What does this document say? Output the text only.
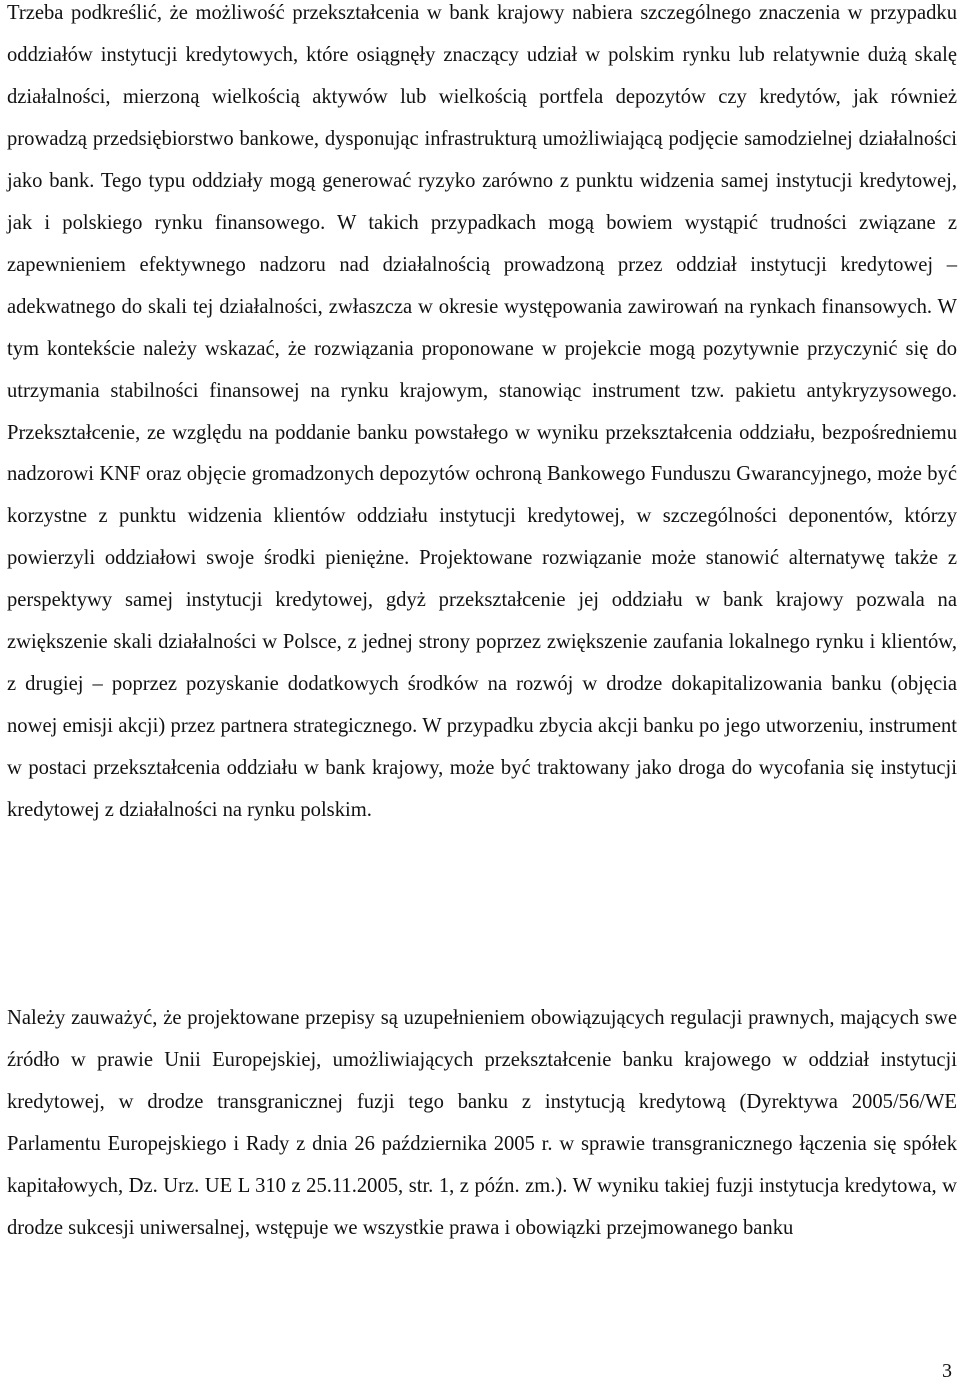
Trzeba podkreślić, że możliwość przekształcenia w bank krajowy nabiera szczególnego znaczenia w przypadku oddziałów instytucji kredytowych, które osiągnęły znaczący udział w polskim rynku lub relatywnie dużą skalę działalności, mierzoną wielkością aktywów lub wielkością portfela depozytów czy kredytów, jak również prowadzą przedsiębiorstwo bankowe, dysponując infrastrukturą umożliwiającą podjęcie samodzielnej działalności jako bank. Tego typu oddziały mogą generować ryzyko zarówno z punktu widzenia samej instytucji kredytowej, jak i polskiego rynku finansowego. W takich przypadkach mogą bowiem wystąpić trudności związane z zapewnieniem efektywnego nadzoru nad działalnością prowadzoną przez oddział instytucji kredytowej – adekwatnego do skali tej działalności, zwłaszcza w okresie występowania zawirowań na rynkach finansowych. W tym kontekście należy wskazać, że rozwiązania proponowane w projekcie mogą pozytywnie przyczynić się do utrzymania stabilności finansowej na rynku krajowym, stanowiąc instrument tzw. pakietu antykryzysowego. Przekształcenie, ze względu na poddanie banku powstałego w wyniku przekształcenia oddziału, bezpośredniemu nadzorowi KNF oraz objęcie gromadzonych depozytów ochroną Bankowego Funduszu Gwarancyjnego, może być korzystne z punktu widzenia klientów oddziału instytucji kredytowej, w szczególności deponentów, którzy powierzyli oddziałowi swoje środki pieniężne. Projektowane rozwiązanie może stanowić alternatywę także z perspektywy samej instytucji kredytowej, gdyż przekształcenie jej oddziału w bank krajowy pozwala na zwiększenie skali działalności w Polsce, z jednej strony poprzez zwiększenie zaufania lokalnego rynku i klientów, z drugiej – poprzez pozyskanie dodatkowych środków na rozwój w drodze dokapitalizowania banku (objęcia nowej emisji akcji) przez partnera strategicznego. W przypadku zbycia akcji banku po jego utworzeniu, instrument w postaci przekształcenia oddziału w bank krajowy, może być traktowany jako droga do wycofania się instytucji kredytowej z działalności na rynku polskim.

Należy zauważyć, że projektowane przepisy są uzupełnieniem obowiązujących regulacji prawnych, mających swe źródło w prawie Unii Europejskiej, umożliwiających przekształcenie banku krajowego w oddział instytucji kredytowej, w drodze transgranicznej fuzji tego banku z instytucją kredytową (Dyrektywa 2005/56/WE Parlamentu Europejskiego i Rady z dnia 26 października 2005 r. w sprawie transgranicznego łączenia się spółek kapitałowych, Dz. Urz. UE L 310 z 25.11.2005, str. 1, z późn. zm.). W wyniku takiej fuzji instytucja kredytowa, w drodze sukcesji uniwersalnej, wstępuje we wszystkie prawa i obowiązki przejmowanego banku

3
